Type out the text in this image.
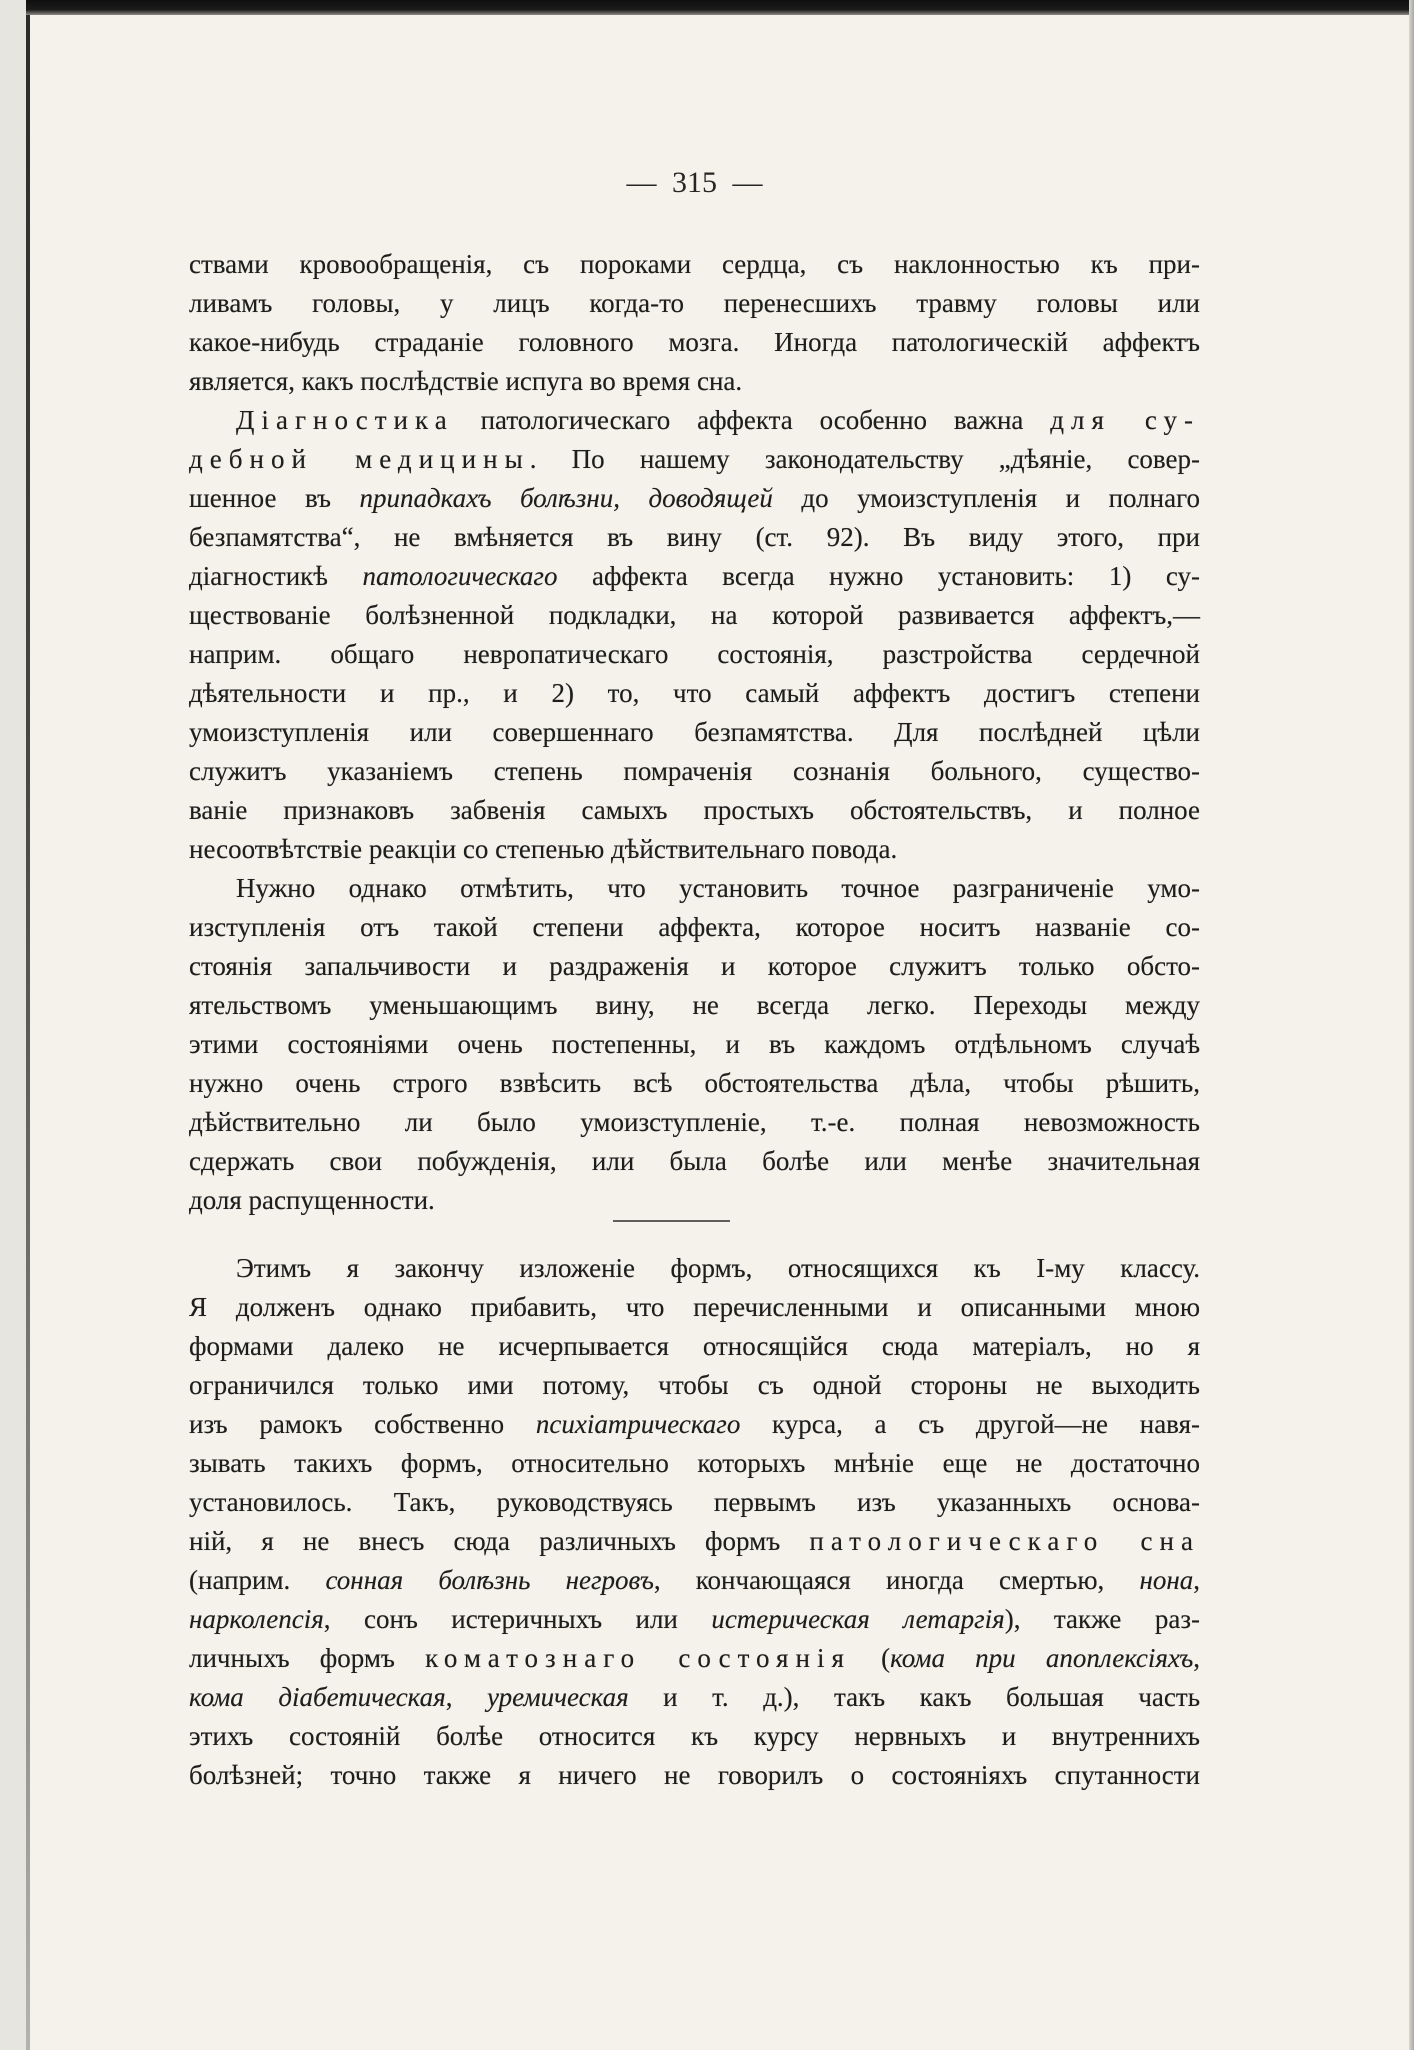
— 315 —
ствами кровообращенія, съ пороками сердца, съ наклонностью къ при-
ливамъ головы, у лицъ когда-то перенесшихъ травму головы или
какое-нибудь страданіе головного мозга. Иногда патологическій аффектъ
является, какъ послѣдствіе испуга во время сна.
Діагностика патологическаго аффекта особенно важна для су-
дебной медицины. По нашему законодательству „дѣяніе, совер-
шенное въ припадкахъ болѣзни, доводящей до умоизступленія и полнаго
безпамятства“, не вмѣняется въ вину (ст. 92). Въ виду этого, при
діагностикѣ патологическаго аффекта всегда нужно установить: 1) су-
ществованіе болѣзненной подкладки, на которой развивается аффектъ,—
наприм. общаго невропатическаго состоянія, разстройства сердечной
дѣятельности и пр., и 2) то, что самый аффектъ достигъ степени
умоизступленія или совершеннаго безпамятства. Для послѣдней цѣли
служитъ указаніемъ степень помраченія сознанія больного, существо-
ваніе признаковъ забвенія самыхъ простыхъ обстоятельствъ, и полное
несоотвѣтствіе реакціи со степенью дѣйствительнаго повода.
Нужно однако отмѣтить, что установить точное разграниченіе умо-
изступленія отъ такой степени аффекта, которое носитъ названіе со-
стоянія запальчивости и раздраженія и которое служитъ только обсто-
ятельствомъ уменьшающимъ вину, не всегда легко. Переходы между
этими состояніями очень постепенны, и въ каждомъ отдѣльномъ случаѣ
нужно очень строго взвѣсить всѣ обстоятельства дѣла, чтобы рѣшить,
дѣйствительно ли было умоизступленіе, т.-е. полная невозможность
сдержать свои побужденія, или была болѣе или менѣе значительная
доля распущенности.
Этимъ я закончу изложеніе формъ, относящихся къ I-му классу.
Я долженъ однако прибавить, что перечисленными и описанными мною
формами далеко не исчерпывается относящійся сюда матеріалъ, но я
ограничился только ими потому, чтобы съ одной стороны не выходить
изъ рамокъ собственно психіатрическаго курса, а съ другой—не навя-
зывать такихъ формъ, относительно которыхъ мнѣніе еще не достаточно
установилось. Такъ, руководствуясь первымъ изъ указанныхъ основа-
ній, я не внесъ сюда различныхъ формъ патологическаго сна
(наприм. сонная болѣзнь негровъ, кончающаяся иногда смертью, нона,
нарколепсія, сонъ истеричныхъ или истерическая летаргія), также раз-
личныхъ формъ коматознаго состоянія (кома при апоплексіяхъ,
кома діабетическая, уремическая и т. д.), такъ какъ большая часть
этихъ состояній болѣе относится къ курсу нервныхъ и внутреннихъ
болѣзней; точно также я ничего не говорилъ о состояніяхъ спутанности
